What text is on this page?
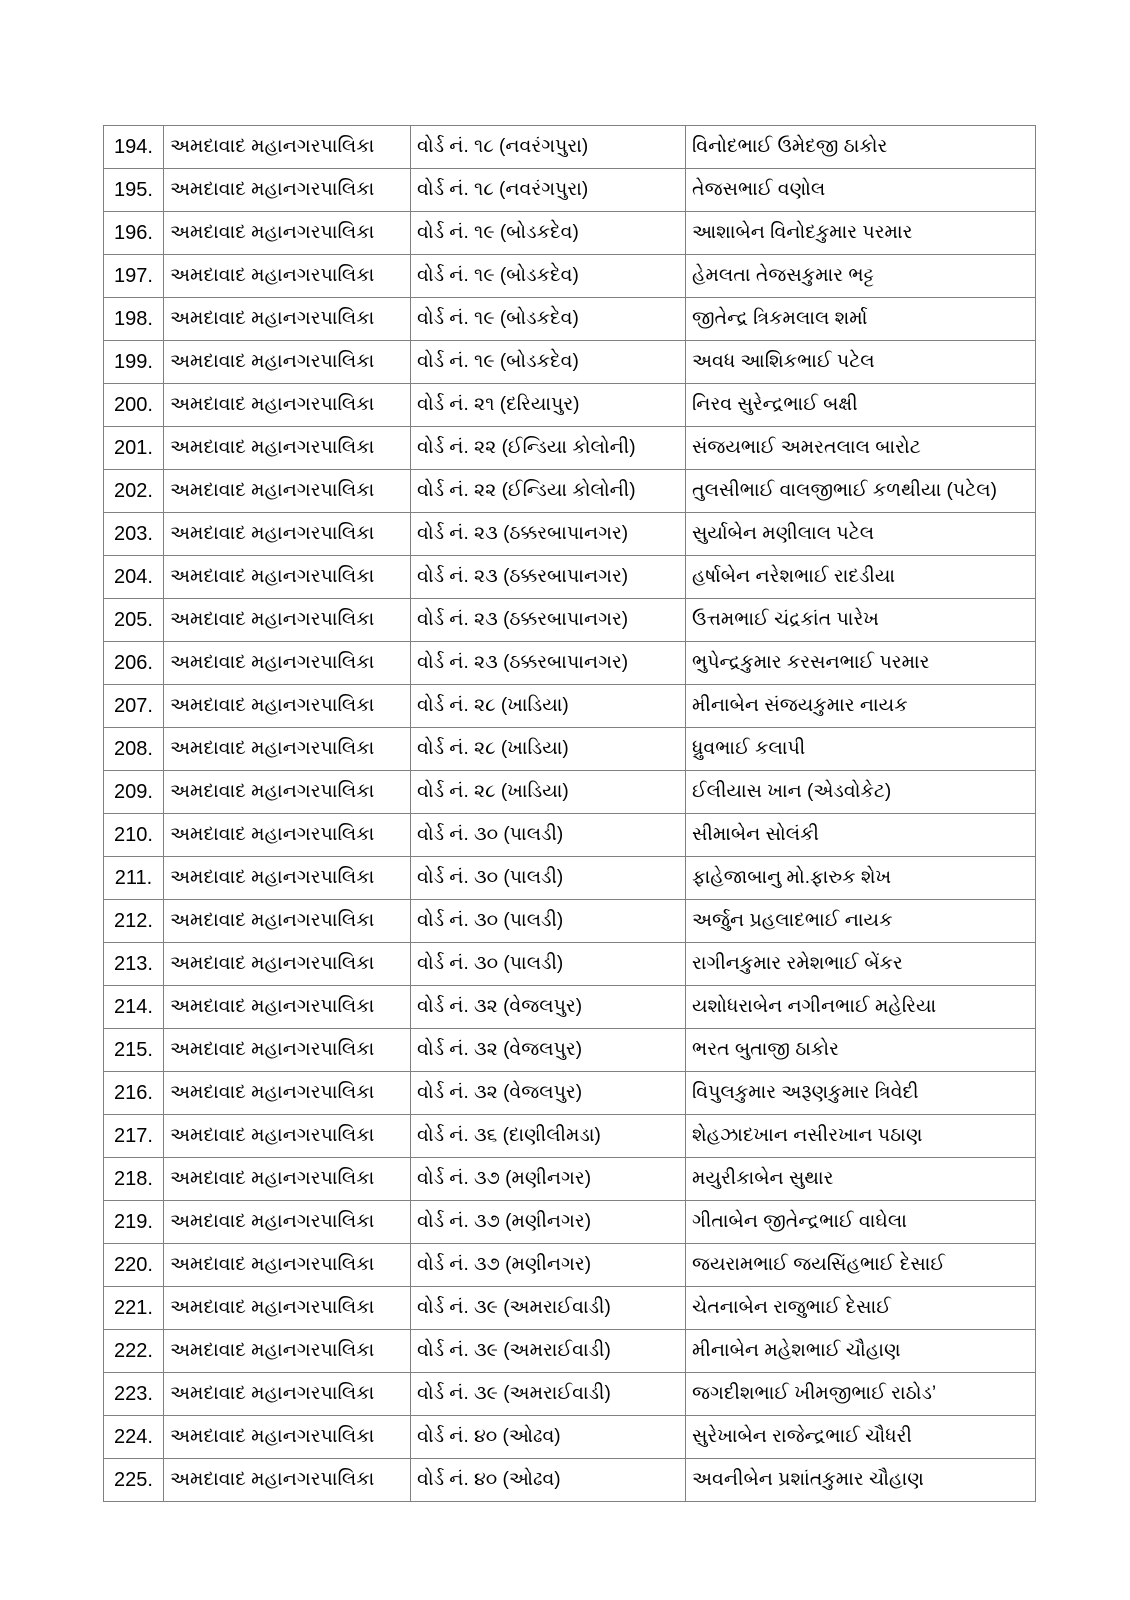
194.	અમદાવાદ મહાનગરપાલિકા	વોર્ડ નં. ૧૮ (નવરંગપુરા)	વિનોદભાઈ ઉમેદજી ઠાકોર
195.	અમદાવાદ મહાનગરપાલિકા	વોર્ડ નં. ૧૮ (નવરંગપુરા)	તેજસભાઈ વણોલ
196.	અમદાવાદ મહાનગરપાલિકા	વોર્ડ નં. ૧૯ (બોડકદેવ)	આશાબેન વિનોદકુમાર પરમાર
197.	અમદાવાદ મહાનગરપાલિકા	વોર્ડ નં. ૧૯ (બોડકદેવ)	હેમલતા તેજસકુમાર ભટ્ટ
198.	અમદાવાદ મહાનગરપાલિકા	વોર્ડ નં. ૧૯ (બોડકદેવ)	જીતેન્દ્ર ત્રિકમલાલ શર્મા
199.	અમદાવાદ મહાનગરપાલિકા	વોર્ડ નં. ૧૯ (બોડકદેવ)	અવધ આશિકભાઈ પટેલ
200.	અમદાવાદ મહાનગરપાલિકા	વોર્ડ નં. ૨૧ (દરિયાપુર)	નિરવ સુરેન્દ્રભાઈ બક્ષી
201.	અમદાવાદ મહાનગરપાલિકા	વોર્ડ નં. ૨૨ (ઈન્ડિયા કોલોની)	સંજયભાઈ અમરતલાલ બારોટ
202.	અમદાવાદ મહાનગરપાલિકા	વોર્ડ નં. ૨૨ (ઈન્ડિયા કોલોની)	તુલસીભાઈ વાલજીભાઈ કળથીયા (પટેલ)
203.	અમદાવાદ મહાનગરપાલિકા	વોર્ડ નં. ૨૩ (ઠક્કરબાપાનગર)	સુર્યાબેન મણીલાલ પટેલ
204.	અમદાવાદ મહાનગરપાલિકા	વોર્ડ નં. ૨૩ (ઠક્કરબાપાનગર)	હર્ષાબેન નરેશભાઈ રાદડીયા
205.	અમદાવાદ મહાનગરપાલિકા	વોર્ડ નં. ૨૩ (ઠક્કરબાપાનગર)	ઉત્તમભાઈ ચંદ્રકાંત પારેખ
206.	અમદાવાદ મહાનગરપાલિકા	વોર્ડ નં. ૨૩ (ઠક્કરબાપાનગર)	ભુપેન્દ્રકુમાર કરસનભાઈ પરમાર
207.	અમદાવાદ મહાનગરપાલિકા	વોર્ડ નં. ૨૮ (ખાડિયા)	મીનાબેન સંજયકુમાર નાયક
208.	અમદાવાદ મહાનગરપાલિકા	વોર્ડ નં. ૨૮ (ખાડિયા)	ધ્રુવભાઈ કલાપી
209.	અમદાવાદ મહાનગરપાલિકા	વોર્ડ નં. ૨૮ (ખાડિયા)	ઈલીયાસ ખાન (એડવોકેટ)
210.	અમદાવાદ મહાનગરપાલિકા	વોર્ડ નં. ૩૦ (પાલડી)	સીમાબેન સોલંકી
211.	અમદાવાદ મહાનગરપાલિકા	વોર્ડ નં. ૩૦ (પાલડી)	ફાહેજાબાનુ મો.ફારુક શેખ
212.	અમદાવાદ મહાનગરપાલિકા	વોર્ડ નં. ૩૦ (પાલડી)	અર્જુન પ્રહલાદભાઈ નાયક
213.	અમદાવાદ મહાનગરપાલિકા	વોર્ડ નં. ૩૦ (પાલડી)	રાગીનકુમાર રમેશભાઈ બેંકર
214.	અમદાવાદ મહાનગરપાલિકા	વોર્ડ નં. ૩૨ (વેજલપુર)	યશોધરાબેન નગીનભાઈ મહેરિયા
215.	અમદાવાદ મહાનગરપાલિકા	વોર્ડ નં. ૩૨ (વેજલપુર)	ભરત બુતાજી ઠાકોર
216.	અમદાવાદ મહાનગરપાલિકા	વોર્ડ નં. ૩૨ (વેજલપુર)	વિપુલકુમાર અરૂણકુમાર ત્રિવેદી
217.	અમદાવાદ મહાનગરપાલિકા	વોર્ડ નં. ૩૬ (દાણીલીમડા)	શેહઝાદખાન નસીરખાન પઠાણ
218.	અમદાવાદ મહાનગરપાલિકા	વોર્ડ નં. ૩૭ (મણીનગર)	મયુરીકાબેન સુથાર
219.	અમદાવાદ મહાનગરપાલિકા	વોર્ડ નં. ૩૭ (મણીનગર)	ગીતાબેન જીતેન્દ્રભાઈ વાઘેલા
220.	અમદાવાદ મહાનગરપાલિકા	વોર્ડ નં. ૩૭ (મણીનગર)	જયરામભાઈ જયસિંહભાઈ દેસાઈ
221.	અમદાવાદ મહાનગરપાલિકા	વોર્ડ નં. ૩૯ (અમરાઈવાડી)	ચેતનાબેન રાજુભાઈ દેસાઈ
222.	અમદાવાદ મહાનગરપાલિકા	વોર્ડ નં. ૩૯ (અમરાઈવાડી)	મીનાબેન મહેશભાઈ ચૌહાણ
223.	અમદાવાદ મહાનગરપાલિકા	વોર્ડ નં. ૩૯ (અમરાઈવાડી)	જગદીશભાઈ ખીમજીભાઈ રાઠોડ’
224.	અમદાવાદ મહાનગરપાલિકા	વોર્ડ નં. ૪૦ (ઓઢવ)	સુરેખાબેન રાજેન્દ્રભાઈ ચૌધરી
225.	અમદાવાદ મહાનગરપાલિકા	વોર્ડ નં. ૪૦ (ઓઢવ)	અવનીબેન પ્રશાંતકુમાર ચૌહાણ
